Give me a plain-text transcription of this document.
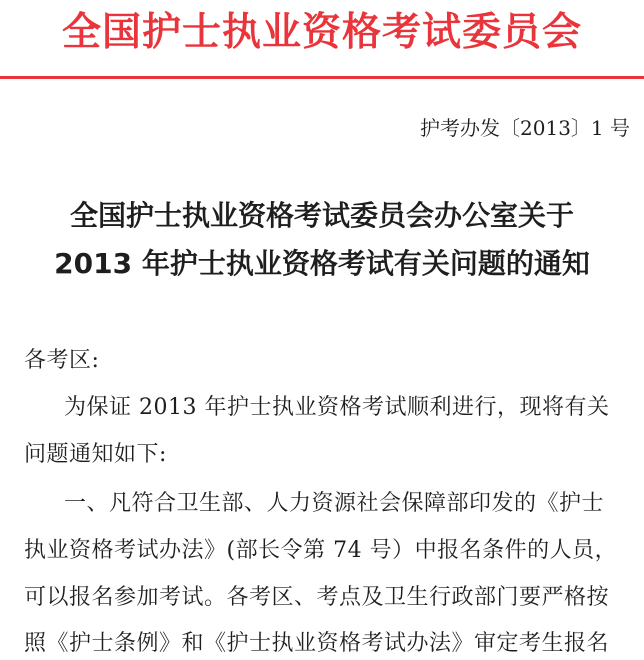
全国护士执业资格考试委员会
护考办发〔2013〕1 号
全国护士执业资格考试委员会办公室关于
2013 年护士执业资格考试有关问题的通知
各考区:
为保证 2013 年护士执业资格考试顺利进行，现将有关
问题通知如下:
一、凡符合卫生部、人力资源社会保障部印发的《护士
执业资格考试办法》(部长令第 74 号）中报名条件的人员，
可以报名参加考试。各考区、考点及卫生行政部门要严格按
照《护士条例》和《护士执业资格考试办法》审定考生报名
